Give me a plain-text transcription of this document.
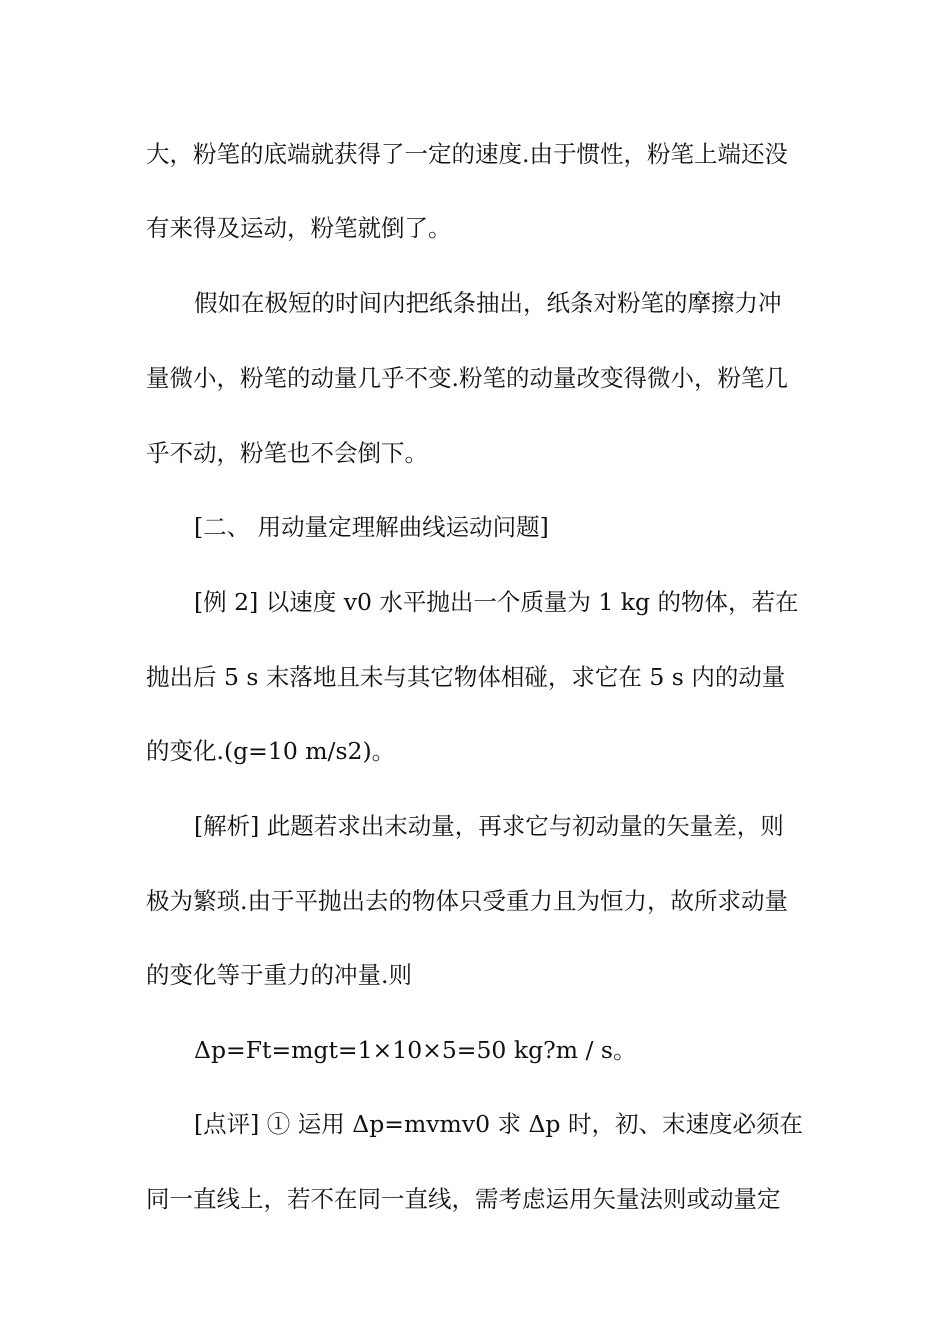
大，粉笔的底端就获得了一定的速度.由于惯性，粉笔上端还没
有来得及运动，粉笔就倒了。
假如在极短的时间内把纸条抽出，纸条对粉笔的摩擦力冲
量微小，粉笔的动量几乎不变.粉笔的动量改变得微小，粉笔几
乎不动，粉笔也不会倒下。
[二、 用动量定理解曲线运动问题]
[例 2] 以速度 v0 水平抛出一个质量为 1 kg 的物体，若在
抛出后 5 s 末落地且未与其它物体相碰，求它在 5 s 内的动量
的变化.(g=10 m/s2)。
[解析] 此题若求出末动量，再求它与初动量的矢量差，则
极为繁琐.由于平抛出去的物体只受重力且为恒力，故所求动量
的变化等于重力的冲量.则
Δp=Ft=mgt=1×10×5=50 kg?m / s。
[点评] ① 运用 Δp=mvmv0 求 Δp 时，初、末速度必须在
同一直线上，若不在同一直线，需考虑运用矢量法则或动量定
